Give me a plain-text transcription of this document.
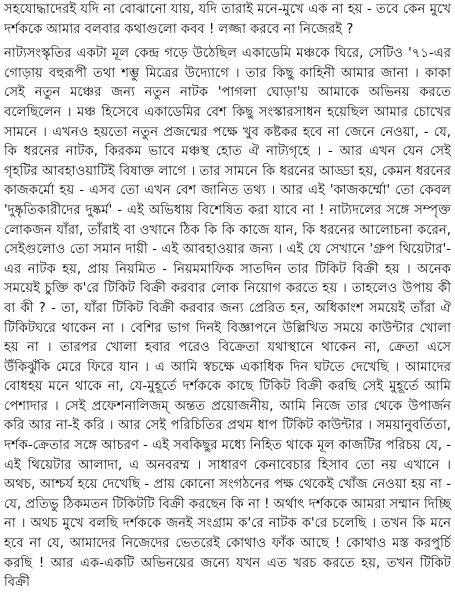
সহযোদ্ধাদেরই যদি না বোঝানো যায়, যদি তারাই মনে-মুখে এক না হয় - তবে কেন মুখে দর্শককে আমার বলবার কথাগুলো কবব ! লজ্জা করবে না নিজেরই ?

নাট্যসংস্কৃতির একটা মূল কেন্দ্র গড়ে উঠেছিল একাডেমি মঞ্চকে ঘিরে, সেটিও '৭১-এর গোড়ায় বহুরূপী তথা শম্ভু মিত্রের উদ্যোগে । তার কিছু কাহিনী আমার জানা । কাকা সেই নতুন মঞ্চের জন্য নতুন নাটক 'পাগলা ঘোড়া'য় আমাকে অভিনয় করতে বলেছিলেন । মঞ্চ হিসেবে একাডেমির বেশ কিছু সংস্কারসাধন হয়েছিল আমার চোখের সামনে । এখনও হয়তো নতুন প্রজন্মের পক্ষে খুব কষ্টকর হবে না জেনে নেওয়া, - যে, কি ধরনের নাটক, কিরকম ভাবে মঞ্চস্থ হোত ঐ নাট্যগৃহে । - আর এখন যেন সেই গৃহটির আবহাওয়াটিই বিষাক্ত লাগে । তার সামনে কি ধরনের আড্ডা হয়, কেমন ধরনের কাজকর্মো হয় - এসব তো এখন বেশ জানিত তথ্য । আর এই 'কাজকর্ম্মো' তো কেবল 'দুষ্কৃতিকারীদের দুষ্কর্ম' - এই অভিধায় বিশেষিত করা যাবে না ! নাট্যদলের সঙ্গে সম্পৃক্ত লোকজন যাঁরা, তাঁরাই বা ওখানে ঠিক কি কি কাজে যান, কি ধরনের আলোচনা করেন, সেইগুলোও তো সমান দায়ী - এই আবহাওয়ার জন্য । এই যে সেখানে 'গ্রুপ থিয়েটার'-এর নাটক হয়, প্রায় নিয়মিত - নিয়মমাফিক সাতদিন তার টিকিট বিক্রী হয় । অনেক সময়েই চুক্তি ক'রে টিকিট বিক্রী করবার লোক নিয়োগ করতে হয় । তাহলেও উপায় কী বা কী ? - তা, যাঁরা টিকিট বিক্রী করবার জন্য প্রেরিত হন, অধিকাংশ সময়েই তাঁরা ঐ টিকিটঘরে থাকেন না । বেশির ভাগ দিনই বিজ্ঞাপনে উল্লিখিত সময়ে কাউন্টার খোলা হয় না । তারপর খোলা হবার পরেও বিক্রেতা যথাস্থানে থাকেন না, ক্রেতা এসে উঁকিঝুঁকি মেরে ফিরে যান । এ আমি স্বচক্ষে একাধিক দিন ঘটতে দেখেছি । আমাদের বোধহয় মনে থাকে না, যে-মুহূর্তে দর্শককে কাছে টিকিট বিক্রী করছি সেই মুহূর্তে আমি পেশাদার । সেই প্রফেশনালিজম্ অন্তত প্রয়োজনীয়, আমি নিজে তার থেকে উপার্জন করি আর না-ই করি । আর সেই পরিচিতির প্রথম ধাপ টিকিট কাউন্টার । সময়ানুবর্তিতা, দর্শক-ক্রেতার সঙ্গে আচরণ - এই সবকিছুর মধ্যে নিহিত থাকে মূল কাজটির পরিচয় যে, - এই থিয়েটার আলাদা, এ অনবরম্ম । সাধারণ কেনাবেচার হিসাব তো নয় এখানে । অথচ, আশ্চর্য হয়ে দেখেছি - প্রায় কোনো সংগঠনের পক্ষ থেকেই খোঁজ নেওয়া হয় না - যে, প্রতিভু ঠিকমতন টিকিটটি বিক্রী করছেন কি না ! অর্থাৎ দর্শককে আমরা সম্মান দিচ্ছি না । অথচ মুখে বলছি দর্শককে জনই সংগ্রাম ক'রে নাটক ক'রে চলেছি । তখন কি মনে হবে না যে, আমাদের নিজেদের ভেতরেই কোথাও ফাঁক আছে ! কোথাও মস্ত করপুর্চি করছি ! আর এক-একটি অভিনয়ের জন্যে যখন এত খরচ করতে হয়, তখন টিকিট বিক্রী
